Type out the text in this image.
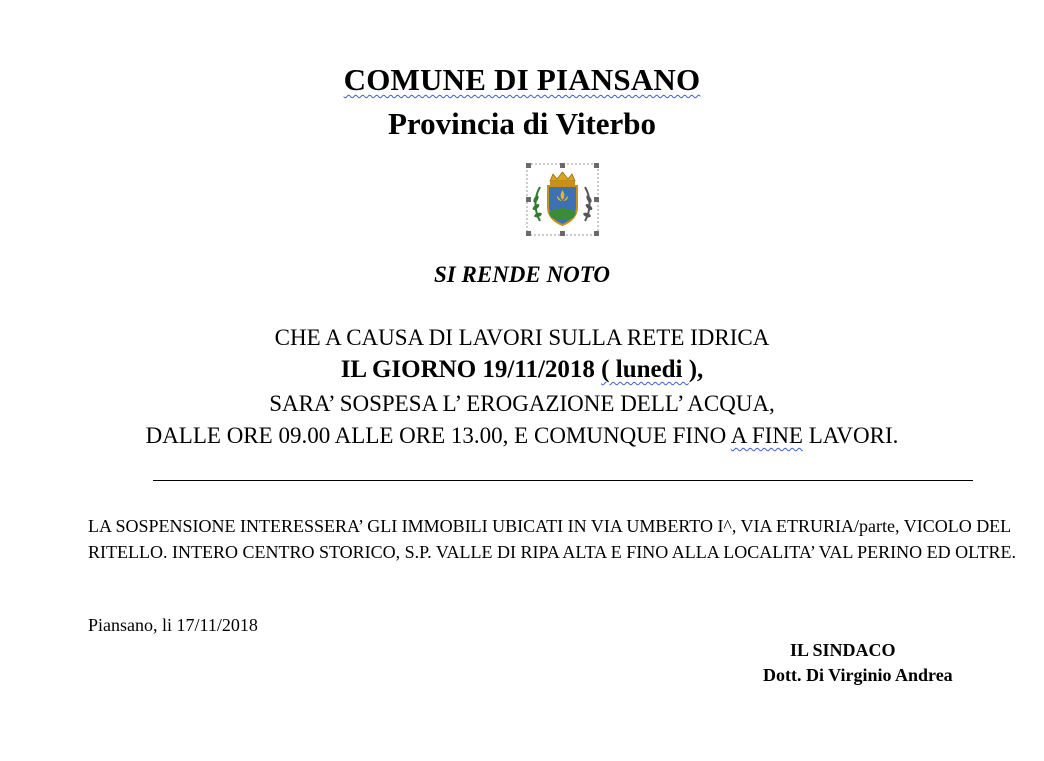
COMUNE DI PIANSANO
Provincia di Viterbo
SI RENDE NOTO
CHE A CAUSA DI LAVORI SULLA RETE IDRICA
IL GIORNO 19/11/2018 ( lunedi ),
SARA’ SOSPESA L’ EROGAZIONE DELL’ ACQUA,
DALLE ORE 09.00 ALLE ORE 13.00, E COMUNQUE FINO A FINE LAVORI.

LA SOSPENSIONE INTERESSERA’ GLI IMMOBILI UBICATI IN VIA UMBERTO I^, VIA ETRURIA/parte, VICOLO DEL RITELLO. INTERO CENTRO STORICO, S.P. VALLE DI RIPA ALTA E FINO ALLA LOCALITA’ VAL PERINO ED OLTRE.

Piansano, li 17/11/2018
IL SINDACO
Dott. Di Virginio Andrea
